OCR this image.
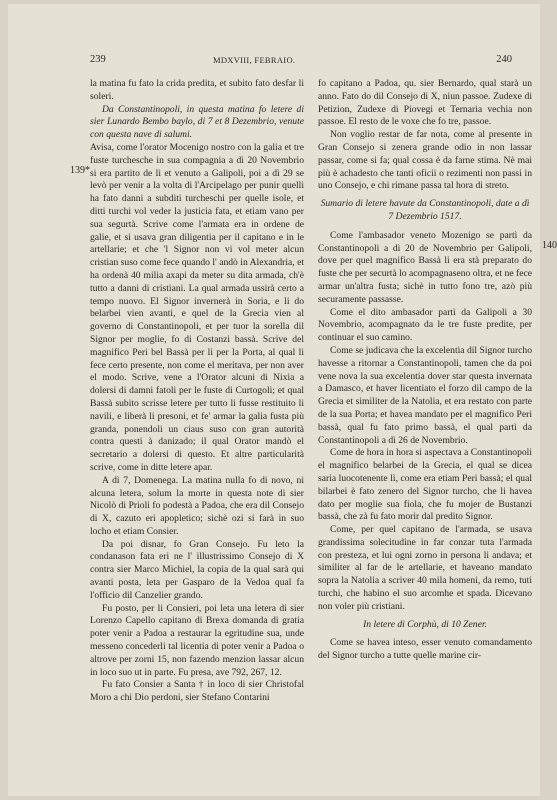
239	MDXVIII, FEBRAIO.	240
139*
140

la matina fu fato la crida predita, et subito fato desfar li soleri.

Da Constantinopoli, in questa matina fo letere di sier Lunardo Bembo baylo, di 7 et 8 Dezembrio, venute con questa nave di salumi.

Avisa, come l'orator Mocenigo nostro con la galia et tre fuste turchesche in sua compagnia a dì 20 Novembrio si era partito de lì et venuto a Galipoli, poi a dì 29 se levò per venir a la volta di l'Arcipelago per punir quelli ha fato danni a subditi turcheschi per quelle isole, et ditti turchi vol veder la justicia fata, et etiam vano per sua segurtà. Scrive come l'armata era in ordene de galie, et si usava gran diligentia per il capitano e in le artellarie; et che 'l Signor non vi vol meter alcun cristian suso come fece quando l' andò in Alexandria, et ha ordenà 40 milia axapi da meter su dita armada, ch'è tutto a danni di cristiani. La qual armada ussirà certo a tempo nuovo. El Signor invernerà in Soria, e li do belarbei vien avanti, e quel de la Grecia vien al governo di Constantinopoli, et per tuor la sorella dil Signor per moglie, fo di Costanzi bassà. Scrive del magnifico Peri bel Bassà per li per la Porta, al qual li fece certo presente, non come el meritava, per non aver el modo. Scrive, vene a l'Orator alcuni di Nixia a dolersi di damni fatoli per le fuste di Curtogoli; et qual Bassà subito scrisse letere per tutto li fusse restituito li navili, e liberà li presoni, et fe' armar la galia fusta più granda, ponendoli un ciaus suso con gran autorità contra questi à danizado; il qual Orator mandò el secretario a dolersi di questo. Et altre particularità scrive, come in ditte letere apar.

A dì 7, Domenega. La matina nulla fo di novo, nì alcuna letera, solum la morte in questa note di sier Nicolò di Prioli fo podestà a Padoa, che era dil Consejo di X, cazuto eri apopletico; sichè ozi si farà in suo locho et etiam Consier.

Da poi disnar, fo Gran Consejo. Fu leto la condanason fata eri ne l' illustrissimo Consejo di X contra sier Marco Michiel, la copia de la qual sarà qui avanti posta, leta per Gasparo de la Vedoa qual fa l'officio dil Canzelier grando.

Fu posto, per li Consieri, poi leta una letera di sier Lorenzo Capello capitano di Brexa domanda di gratia poter venir a Padoa a restaurar la egritudine sua, unde messeno concederli tal licentia di poter venir a Padoa o altrove per zorni 15, non fazendo menzion lassar alcun in loco suo ut in parte. Fu presa, ave 792, 267, 12.

Fu fato Consier a Santa † in loco di sier Christofal Moro a chi Dio perdoni, sier Stefano Contarini

fo capitano a Padoa, qu. sier Bernardo, qual starà un anno. Fato do dil Consejo di X, niun passoe. Zudexe di Petizion, Zudexe di Piovegi et Ternaria vechia non passoe. El resto de le voxe che fo tre, passoe.

Non voglio restar de far nota, come al presente in Gran Consejo si zenera grande odio in non lassar passar, come si fa; qual cossa è da farne stima. Nè mai più è achadesto che tanti oficii o rezimenti non passi in uno Consejo, e chi rimane passa tal hora di streto.

Sumario di letere havute da Constantinopoli, date a dì 7 Dezembrio 1517.

Come l'ambasador veneto Mozenigo se partì da Constantinopoli a dì 20 de Novembrio per Galipoli, dove per quel magnifico Bassà li era stà preparato do fuste che per securtà lo acompagnaseno oltra, et ne fece armar un'altra fusta; sichè in tutto fono tre, azò più securamente passasse.

Come el dito ambasador partì da Galipoli a 30 Novembrio, acompagnato da le tre fuste predite, per continuar el suo camino.

Come se judicava che la excelentia dil Signor turcho havesse a ritornar a Constantinopoli, tamen che da poi vene nova la sua excelentia dover star questa invernata a Damasco, et haver licentiato el forzo dil campo de la Grecia et similiter de la Natolia, et era restato con parte de la sua Porta; et havea mandato per el magnifico Peri bassà, qual fu fato primo bassà, el qual partì da Constantinopoli a dì 26 de Novembrio.

Come de hora in hora si aspectava a Constantinopoli el magnifico belarbei de la Grecia, el qual se dicea saria luocotenente lì, come era etiam Peri bassà; el qual bilarbei è fato zenero del Signor turcho, che li havea dato per moglie sua fiola, che fu mojer de Bustanzi bassà, che zà fu fato morir dal predito Signor.

Come, per quel capitano de l'armada, se usava grandissima solecitudine in far conzar tuta l'armada con presteza, et lui ogni zorno in persona li andava; et similiter al far de le artellarie, et haveano mandato sopra la Natolia a scriver 40 mila homeni, da remo, tuti turchi, che habino el suo arcomhe et spada. Dicevano non voler più cristiani.

In letere di Corphù, di 10 Zener.

Come se havea inteso, esser venuto comandamento del Signor turcho a tutte quelle marine cir-
